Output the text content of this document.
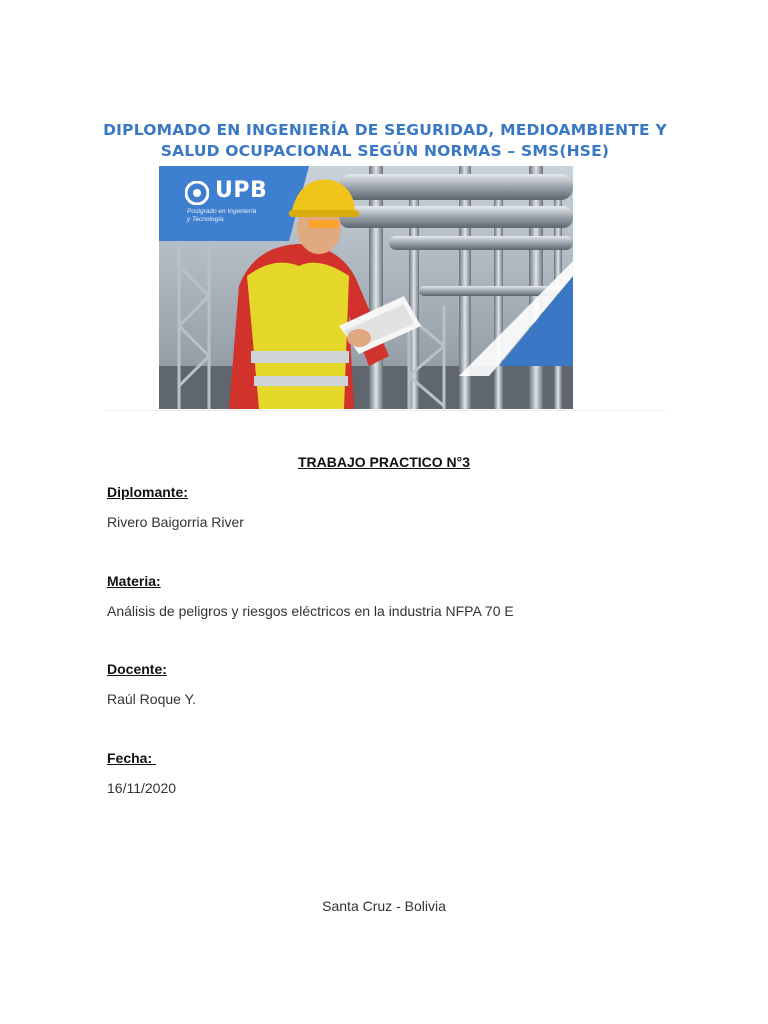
DIPLOMADO EN INGENIERÍA DE SEGURIDAD, MEDIOAMBIENTE Y
SALUD OCUPACIONAL SEGÚN NORMAS – SMS(HSE)
UPB
Postgrado en Ingeniería
y Tecnología
TRABAJO PRACTICO N°3
Diplomante:
Rivero Baigorria River
Materia:
Análisis de peligros y riesgos eléctricos en la industria NFPA 70 E
Docente:
Raúl Roque Y.
Fecha:
16/11/2020
Santa Cruz - Bolivia
